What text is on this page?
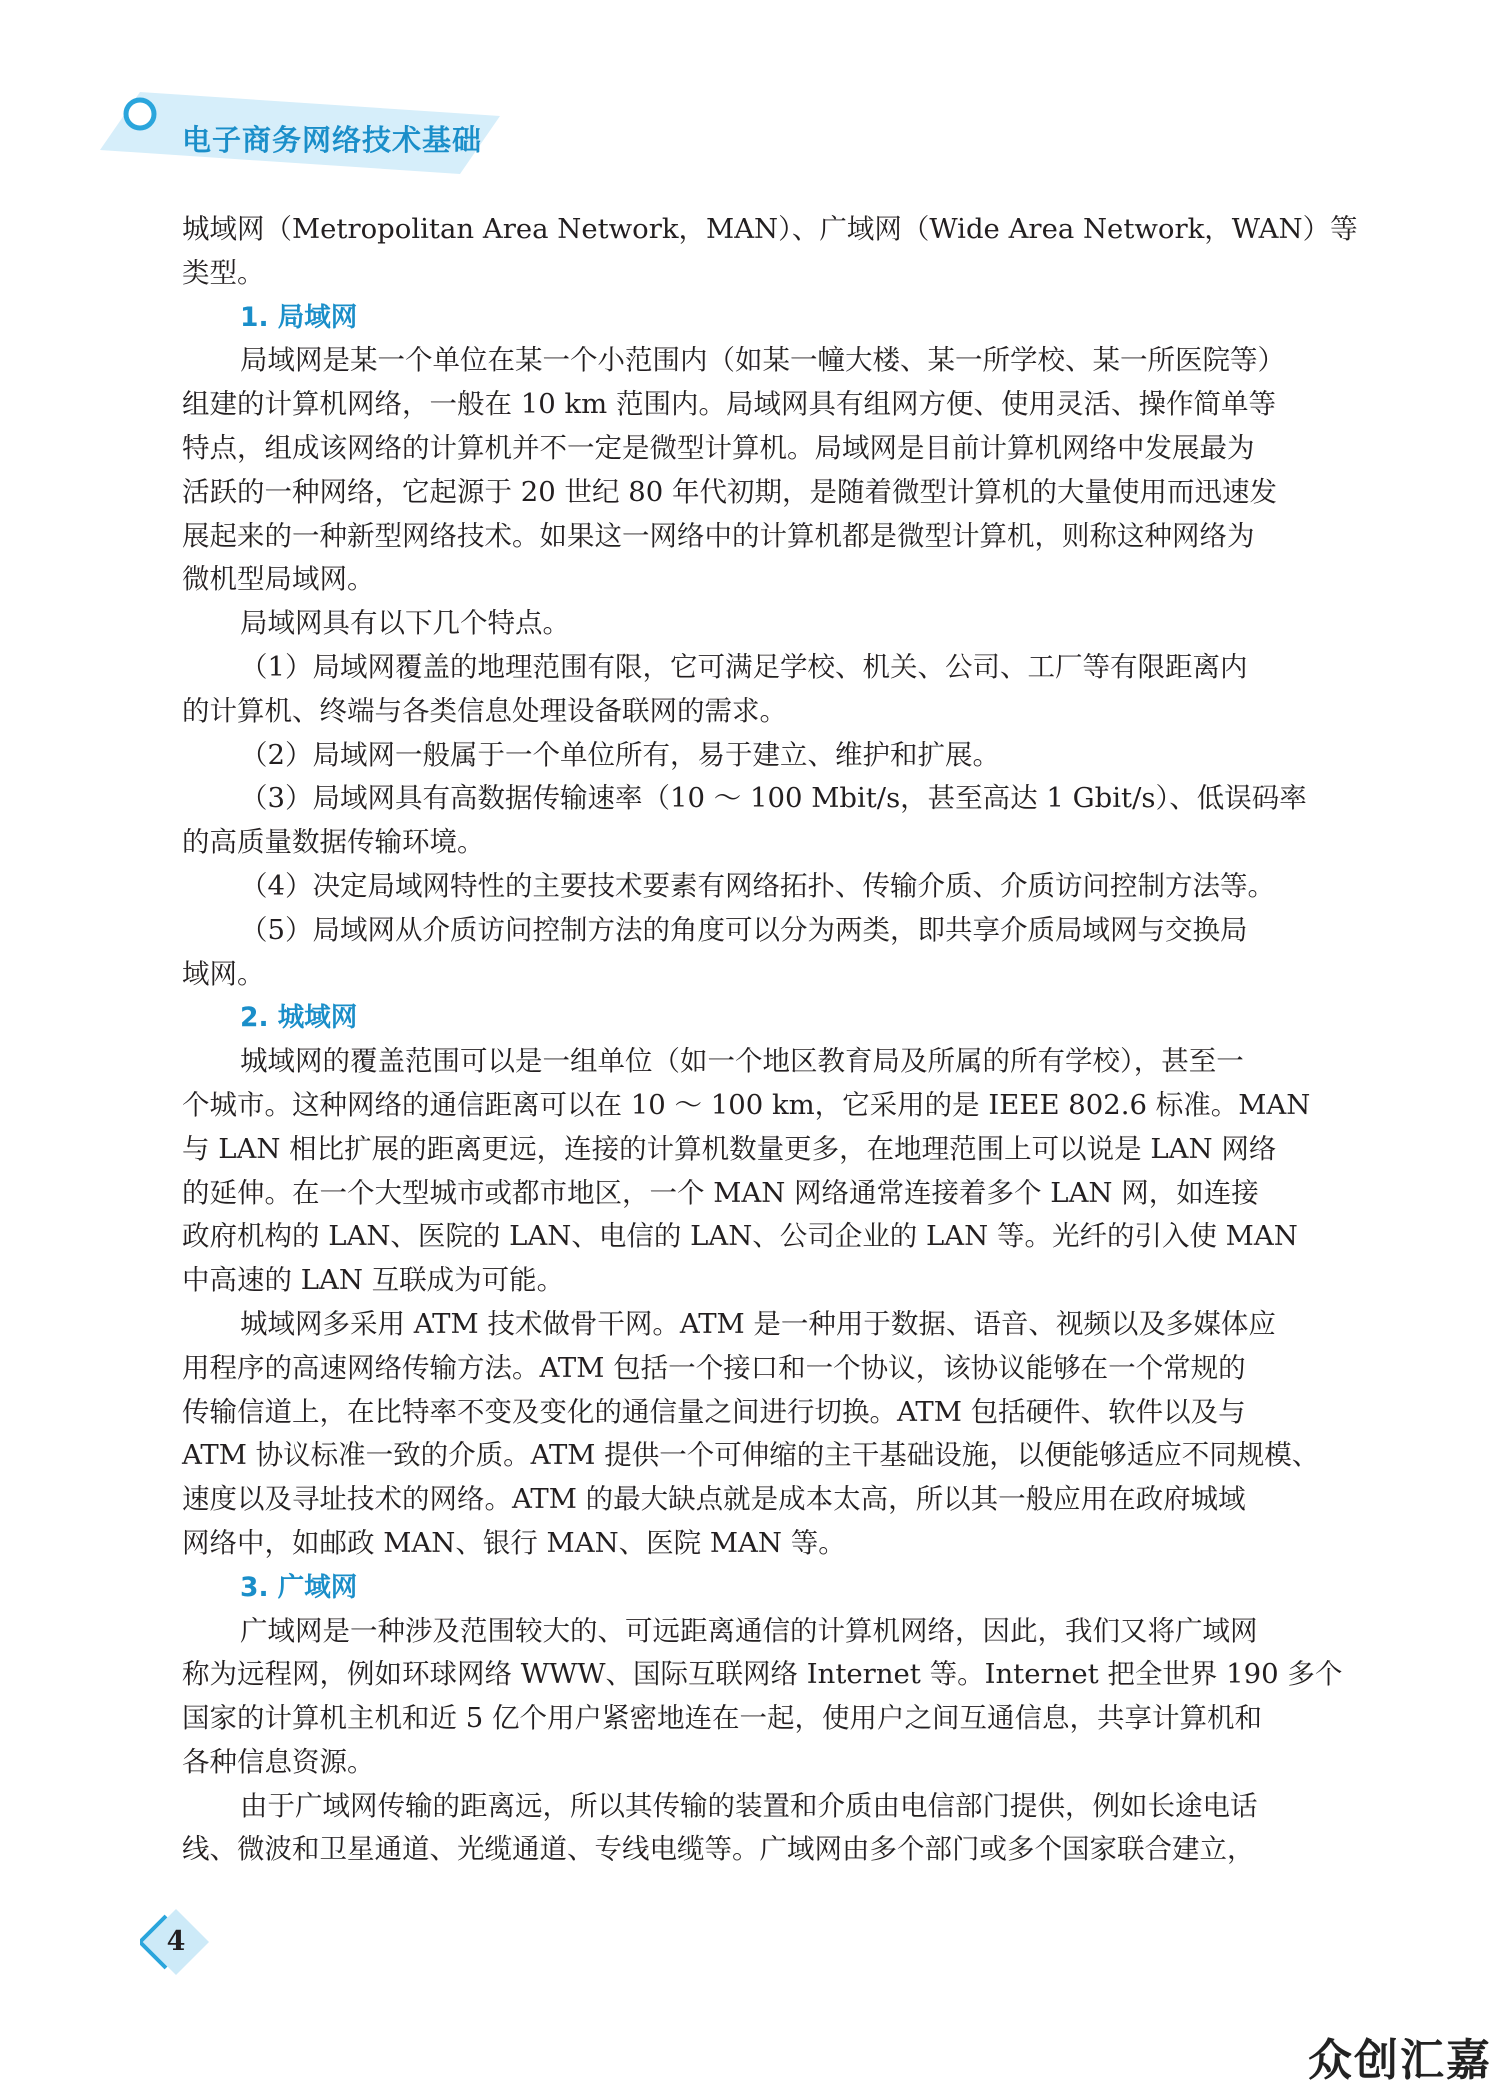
电子商务网络技术基础
城域网（Metropolitan Area Network，MAN）、广域网（Wide Area Network，WAN）等
类型。
1. 局域网
局域网是某一个单位在某一个小范围内（如某一幢大楼、某一所学校、某一所医院等）
组建的计算机网络，一般在 10 km 范围内。局域网具有组网方便、使用灵活、操作简单等
特点，组成该网络的计算机并不一定是微型计算机。局域网是目前计算机网络中发展最为
活跃的一种网络，它起源于 20 世纪 80 年代初期，是随着微型计算机的大量使用而迅速发
展起来的一种新型网络技术。如果这一网络中的计算机都是微型计算机，则称这种网络为
微机型局域网。
局域网具有以下几个特点。
（1）局域网覆盖的地理范围有限，它可满足学校、机关、公司、工厂等有限距离内
的计算机、终端与各类信息处理设备联网的需求。
（2）局域网一般属于一个单位所有，易于建立、维护和扩展。
（3）局域网具有高数据传输速率（10 ～ 100 Mbit/s，甚至高达 1 Gbit/s）、低误码率
的高质量数据传输环境。
（4）决定局域网特性的主要技术要素有网络拓扑、传输介质、介质访问控制方法等。
（5）局域网从介质访问控制方法的角度可以分为两类，即共享介质局域网与交换局
域网。
2. 城域网
城域网的覆盖范围可以是一组单位（如一个地区教育局及所属的所有学校），甚至一
个城市。这种网络的通信距离可以在 10 ～ 100 km，它采用的是 IEEE 802.6 标准。MAN
与 LAN 相比扩展的距离更远，连接的计算机数量更多，在地理范围上可以说是 LAN 网络
的延伸。在一个大型城市或都市地区，一个 MAN 网络通常连接着多个 LAN 网，如连接
政府机构的 LAN、医院的 LAN、电信的 LAN、公司企业的 LAN 等。光纤的引入使 MAN
中高速的 LAN 互联成为可能。
城域网多采用 ATM 技术做骨干网。ATM 是一种用于数据、语音、视频以及多媒体应
用程序的高速网络传输方法。ATM 包括一个接口和一个协议，该协议能够在一个常规的
传输信道上，在比特率不变及变化的通信量之间进行切换。ATM 包括硬件、软件以及与
ATM 协议标准一致的介质。ATM 提供一个可伸缩的主干基础设施，以便能够适应不同规模、
速度以及寻址技术的网络。ATM 的最大缺点就是成本太高，所以其一般应用在政府城域
网络中，如邮政 MAN、银行 MAN、医院 MAN 等。
3. 广域网
广域网是一种涉及范围较大的、可远距离通信的计算机网络，因此，我们又将广域网
称为远程网，例如环球网络 WWW、国际互联网络 Internet 等。Internet 把全世界 190 多个
国家的计算机主机和近 5 亿个用户紧密地连在一起，使用户之间互通信息，共享计算机和
各种信息资源。
由于广域网传输的距离远，所以其传输的装置和介质由电信部门提供，例如长途电话
线、微波和卫星通道、光缆通道、专线电缆等。广域网由多个部门或多个国家联合建立，
4
众创汇嘉
